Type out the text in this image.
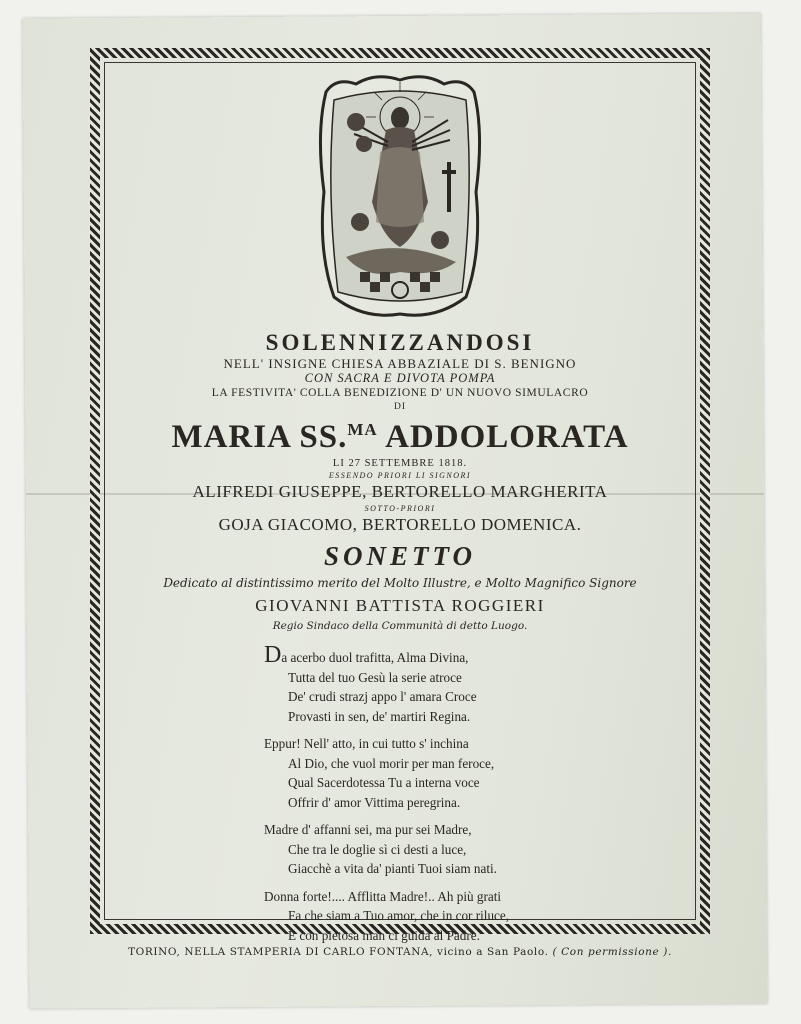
SOLENNIZZANDOSI
NELL' INSIGNE CHIESA ABBAZIALE DI S. BENIGNO
CON SACRA E DIVOTA POMPA
LA FESTIVITA' COLLA BENEDIZIONE D' UN NUOVO SIMULACRO
DI
MARIA SS.$^{MA}$ ADDOLORATA
LI 27 SETTEMBRE 1818.
ESSENDO PRIORI LI SIGNORI
ALIFREDI GIUSEPPE, BERTORELLO MARGHERITA
SOTTO-PRIORI
GOJA GIACOMO, BERTORELLO DOMENICA.
SONETTO
Dedicato al distintissimo merito del Molto Illustre, e Molto Magnifico Signore
GIOVANNI BATTISTA ROGGIERI
Regio Sindaco della Communità di detto Luogo.
Da acerbo duol trafitta, Alma Divina,
Tutta del tuo Gesù la serie atroce
De' crudi strazj appo l' amara Croce
Provasti in sen, de' martiri Regina.
Eppur! Nell' atto, in cui tutto s' inchina
Al Dio, che vuol morir per man feroce,
Qual Sacerdotessa Tu a interna voce
Offrir d' amor Vittima peregrina.
Madre d' affanni sei, ma pur sei Madre,
Che tra le doglie sì ci desti a luce,
Giacchè a vita da' pianti Tuoi siam nati.
Donna forte!.... Afflitta Madre!.. Ah più grati
Fa che siam a Tuo amor, che in cor riluce,
E con pietosa man ci guida al Padre.
TORINO, NELLA STAMPERIA DI CARLO FONTANA, vicino a San Paolo. ( Con permissione ).
